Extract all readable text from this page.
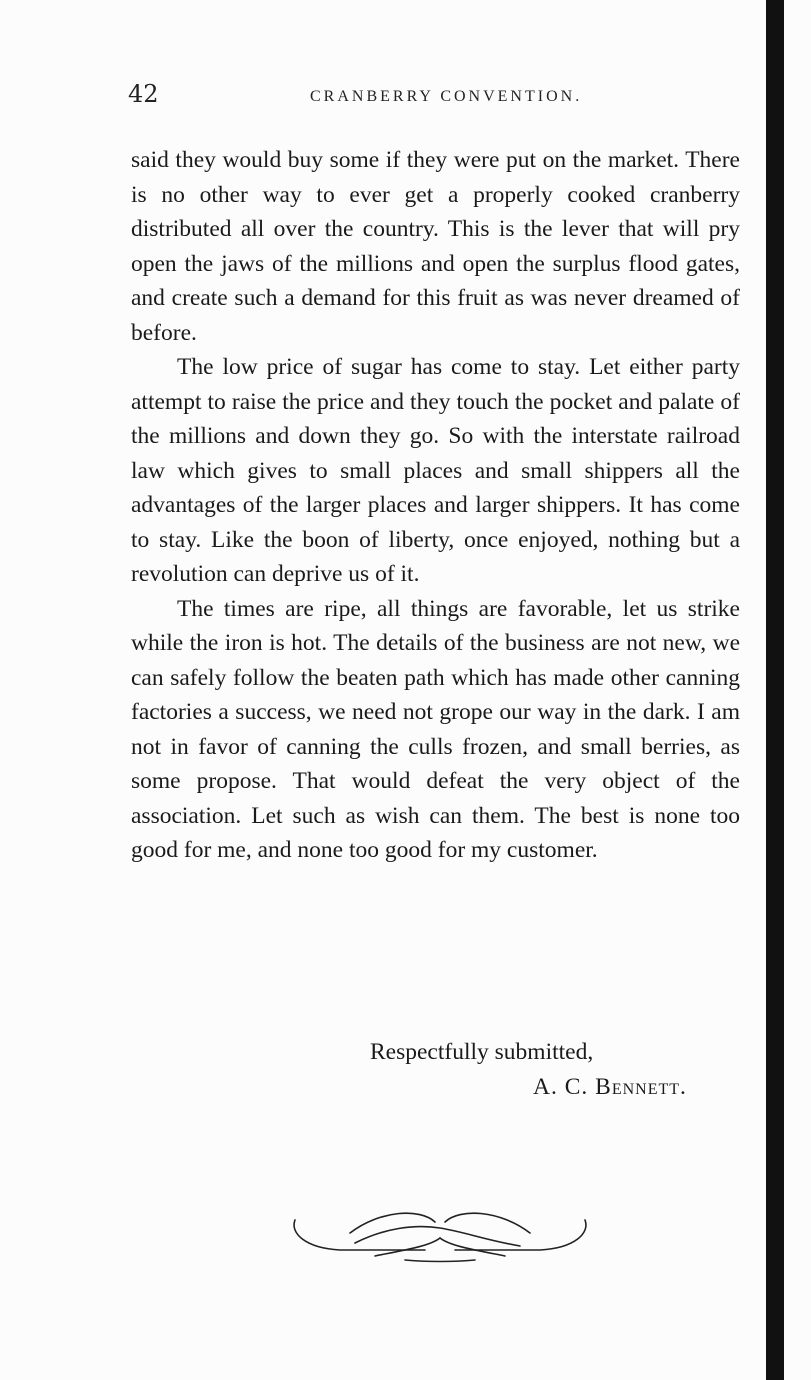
42	CRANBERRY CONVENTION.

said they would buy some if they were put on the market. There is no other way to ever get a properly cooked cranberry distributed all over the country. This is the lever that will pry open the jaws of the millions and open the surplus flood gates, and create such a demand for this fruit as was never dreamed of before.

The low price of sugar has come to stay. Let either party attempt to raise the price and they touch the pocket and palate of the millions and down they go. So with the interstate railroad law which gives to small places and small shippers all the advantages of the larger places and larger shippers. It has come to stay. Like the boon of liberty, once enjoyed, nothing but a revolution can deprive us of it.

The times are ripe, all things are favorable, let us strike while the iron is hot. The details of the business are not new, we can safely follow the beaten path which has made other canning factories a success, we need not grope our way in the dark. I am not in favor of canning the culls frozen, and small berries, as some propose. That would defeat the very object of the association. Let such as wish can them. The best is none too good for me, and none too good for my customer.

Respectfully submitted,
A. C. Bennett.
